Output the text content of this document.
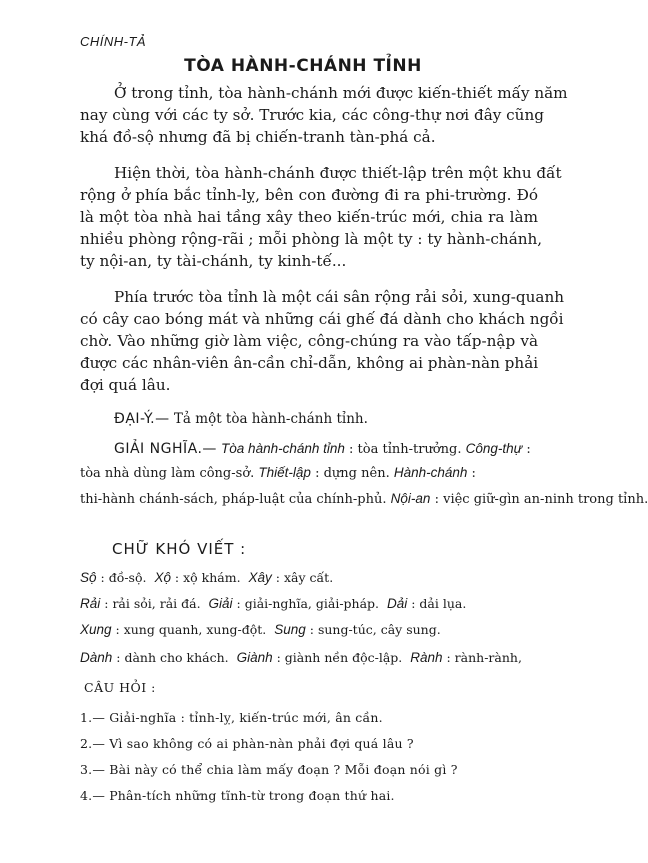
CHÍNH-TẢ
TÒA HÀNH-CHÁNH TỈNH
Ở trong tỉnh, tòa hành-chánh mới được kiến-thiết mấy năm
nay cùng với các ty sở. Trước kia, các công-thự nơi đây cũng
khá đồ-sộ nhưng đã bị chiến-tranh tàn-phá cả.
Hiện thời, tòa hành-chánh được thiết-lập trên một khu đất
rộng ở phía bắc tỉnh-lỵ, bên con đường đi ra phi-trường. Đó
là một tòa nhà hai tầng xây theo kiến-trúc mới, chia ra làm
nhiều phòng rộng-rãi ; mỗi phòng là một ty : ty hành-chánh,
ty nội-an, ty tài-chánh, ty kinh-tế...
Phía trước tòa tỉnh là một cái sân rộng rải sỏi, xung-quanh
có cây cao bóng mát và những cái ghế đá dành cho khách ngồi
chờ. Vào những giờ làm việc, công-chúng ra vào tấp-nập và
được các nhân-viên ân-cần chỉ-dẫn, không ai phàn-nàn phải
đợi quá lâu.
ĐẠI-Ý.— Tả một tòa hành-chánh tỉnh.
GIẢI NGHĨA.— Tòa hành-chánh tỉnh : tòa tỉnh-trưởng. Công-thự :
tòa nhà dùng làm công-sở. Thiết-lập : dựng nên. Hành-chánh :
thi-hành chánh-sách, pháp-luật của chính-phủ. Nội-an : việc giữ-gìn an-ninh trong tỉnh.
CHỮ KHÓ VIẾT :
Sộ : đồ-sộ. Xộ : xộ khám. Xây : xây cất.
Rải : rải sỏi, rải đá. Giải : giải-nghĩa, giải-pháp. Dải : dải lụa.
Xung : xung quanh, xung-đột. Sung : sung-túc, cây sung.
Dành : dành cho khách. Giành : giành nền độc-lập. Rành : rành-rành,
CÂU HỎI :
1.— Giải-nghĩa : tỉnh-lỵ, kiến-trúc mới, ân cần.
2.— Vì sao không có ai phàn-nàn phải đợi quá lâu ?
3.— Bài này có thể chia làm mấy đoạn ? Mỗi đoạn nói gì ?
4.— Phân-tích những tĩnh-từ trong đoạn thứ hai.
